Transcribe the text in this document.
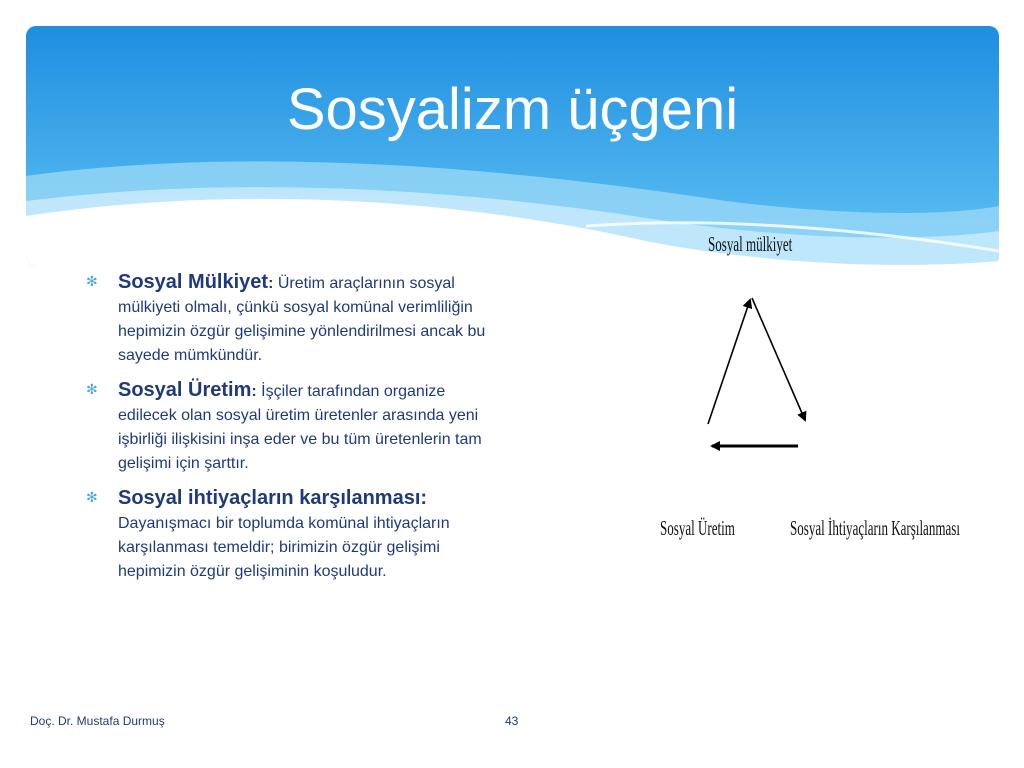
Sosyalizm üçgeni
✻ Sosyal Mülkiyet: Üretim araçlarının sosyal mülkiyeti olmalı, çünkü sosyal komünal verimliliğin hepimizin özgür gelişimine yönlendirilmesi ancak bu sayede mümkündür.
✻ Sosyal Üretim: İşçiler tarafından organize edilecek olan sosyal üretim üretenler arasında yeni işbirliği ilişkisini inşa eder ve bu tüm üretenlerin tam gelişimi için şarttır.
✻ Sosyal ihtiyaçların karşılanması:
Dayanışmacı bir toplumda komünal ihtiyaçların karşılanması temeldir; birimizin özgür gelişimi hepimizin özgür gelişiminin koşuludur.
Sosyal mülkiyet
Sosyal Üretim	Sosyal İhtiyaçların Karşılanması
Doç. Dr. Mustafa Durmuş	43
